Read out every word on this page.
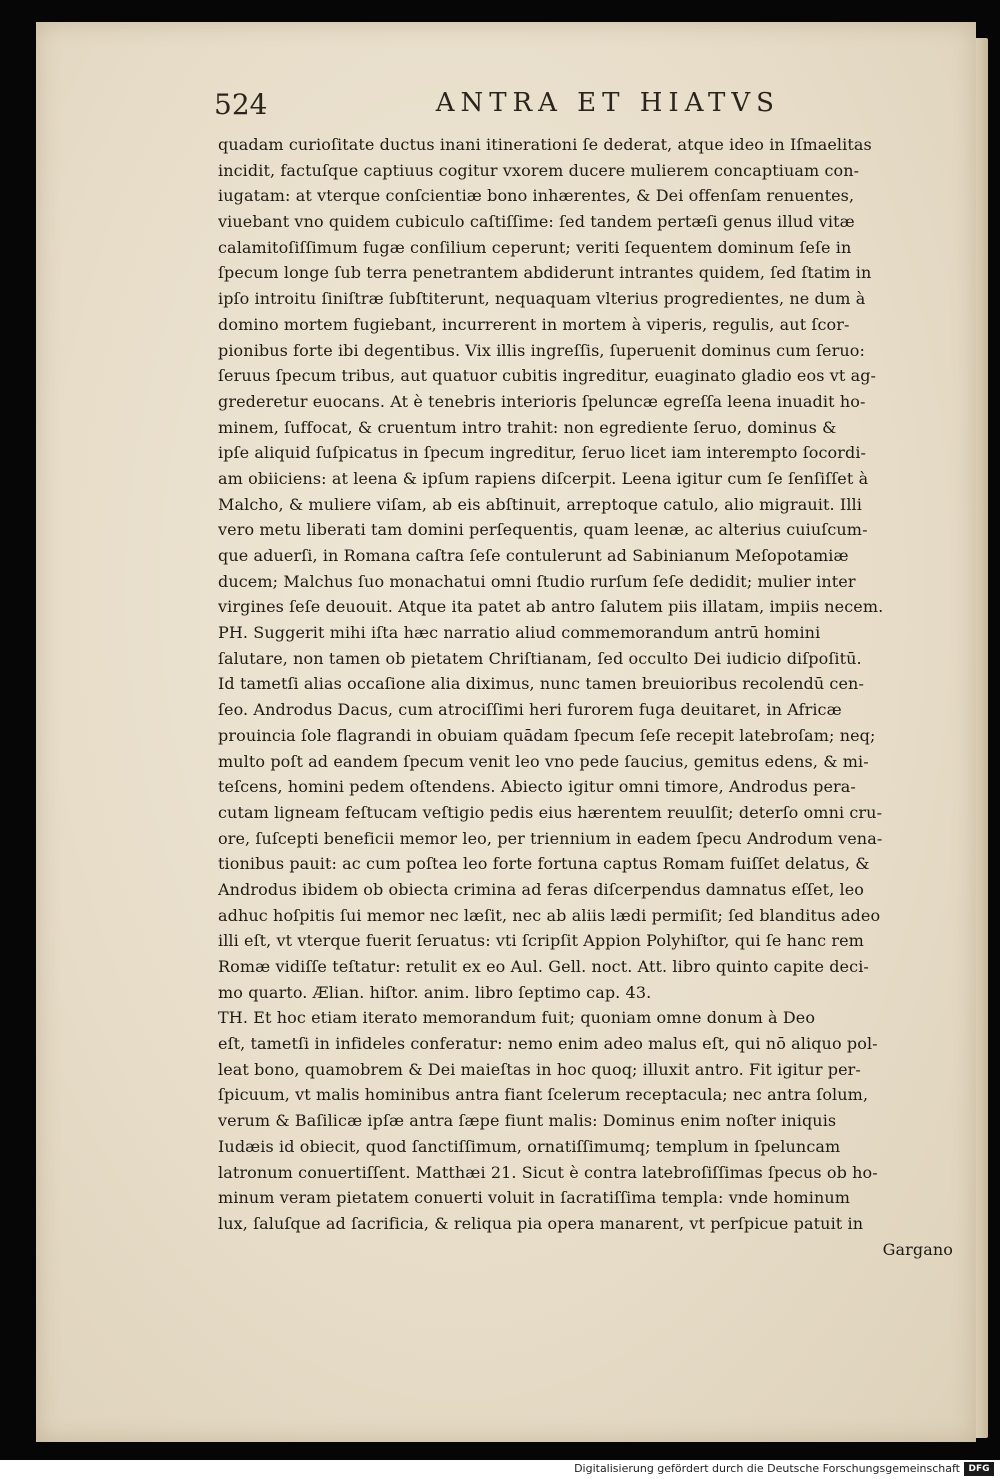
524	ANTRA ET HIATVS
quadam curioſitate ductus inani itinerationi ſe dederat, atque ideo in Iſmaelitas
incidit, factuſque captiuus cogitur vxorem ducere mulierem concaptiuam con-
iugatam: at vterque conſcientiæ bono inhærentes, & Dei offenſam renuentes,
viuebant vno quidem cubiculo caſtiſſime: ſed tandem pertæſi genus illud vitæ
calamitoſiſſimum fugæ conſilium ceperunt; veriti ſequentem dominum ſeſe in
ſpecum longe ſub terra penetrantem abdiderunt intrantes quidem, ſed ſtatim in
ipſo introitu ſiniſtræ ſubſtiterunt, nequaquam vlterius progredientes, ne dum à
domino mortem fugiebant, incurrerent in mortem à viperis, regulis, aut ſcor-
pionibus forte ibi degentibus. Vix illis ingreſſis, ſuperuenit dominus cum ſeruo:
ſeruus ſpecum tribus, aut quatuor cubitis ingreditur, euaginato gladio eos vt ag-
grederetur euocans. At è tenebris interioris ſpeluncæ egreſſa leena inuadit ho-
minem, ſuffocat, & cruentum intro trahit: non egrediente ſeruo, dominus &
ipſe aliquid ſuſpicatus in ſpecum ingreditur, ſeruo licet iam interempto ſocordi-
am obiiciens: at leena & ipſum rapiens diſcerpit. Leena igitur cum ſe ſenſiſſet à
Malcho, & muliere viſam, ab eis abſtinuit, arreptoque catulo, alio migrauit. Illi
vero metu liberati tam domini perſequentis, quam leenæ, ac alterius cuiuſcum-
que aduerſi, in Romana caſtra ſeſe contulerunt ad Sabinianum Meſopotamiæ
ducem; Malchus ſuo monachatui omni ſtudio rurſum ſeſe dedidit; mulier inter
virgines ſeſe deuouit. Atque ita patet ab antro ſalutem piis illatam, impiis necem.
PH. Suggerit mihi iſta hæc narratio aliud commemorandum antrū homini
ſalutare, non tamen ob pietatem Chriſtianam, ſed occulto Dei iudicio diſpoſitū.
Id tametſi alias occaſione alia diximus, nunc tamen breuioribus recolendū cen-
ſeo. Androdus Dacus, cum atrociſſimi heri furorem fuga deuitaret, in Africæ
prouincia ſole flagrandi in obuiam quādam ſpecum ſeſe recepit latebroſam; neq;
multo poſt ad eandem ſpecum venit leo vno pede ſaucius, gemitus edens, & mi-
teſcens, homini pedem oſtendens. Abiecto igitur omni timore, Androdus pera-
cutam ligneam feſtucam veſtigio pedis eius hærentem reuulſit; deterſo omni cru-
ore, ſuſcepti beneficii memor leo, per triennium in eadem ſpecu Androdum vena-
tionibus pauit: ac cum poſtea leo forte fortuna captus Romam fuiſſet delatus, &
Androdus ibidem ob obiecta crimina ad feras diſcerpendus damnatus eſſet, leo
adhuc hoſpitis ſui memor nec læſit, nec ab aliis lædi permiſit; ſed blanditus adeo
illi eſt, vt vterque fuerit ſeruatus: vti ſcripſit Appion Polyhiſtor, qui ſe hanc rem
Romæ vidiſſe teſtatur: retulit ex eo Aul. Gell. noct. Att. libro quinto capite deci-
mo quarto. Ælian. hiſtor. anim. libro ſeptimo cap. 43.
TH. Et hoc etiam iterato memorandum fuit; quoniam omne donum à Deo
eſt, tametſi in infideles conferatur: nemo enim adeo malus eſt, qui nō aliquo pol-
leat bono, quamobrem & Dei maieſtas in hoc quoq; illuxit antro. Fit igitur per-
ſpicuum, vt malis hominibus antra fiant ſcelerum receptacula; nec antra ſolum,
verum & Baſilicæ ipſæ antra ſæpe fiunt malis: Dominus enim noſter iniquis
Iudæis id obiecit, quod ſanctiſſimum, ornatiſſimumq; templum in ſpeluncam
latronum conuertiſſent. Matthæi 21. Sicut è contra latebroſiſſimas ſpecus ob ho-
minum veram pietatem conuerti voluit in ſacratiſſima templa: vnde hominum
lux, ſaluſque ad ſacrificia, & reliqua pia opera manarent, vt perſpicue patuit in
Gargano
Digitalisierung gefördert durch die Deutsche Forschungsgemeinschaft DFG
